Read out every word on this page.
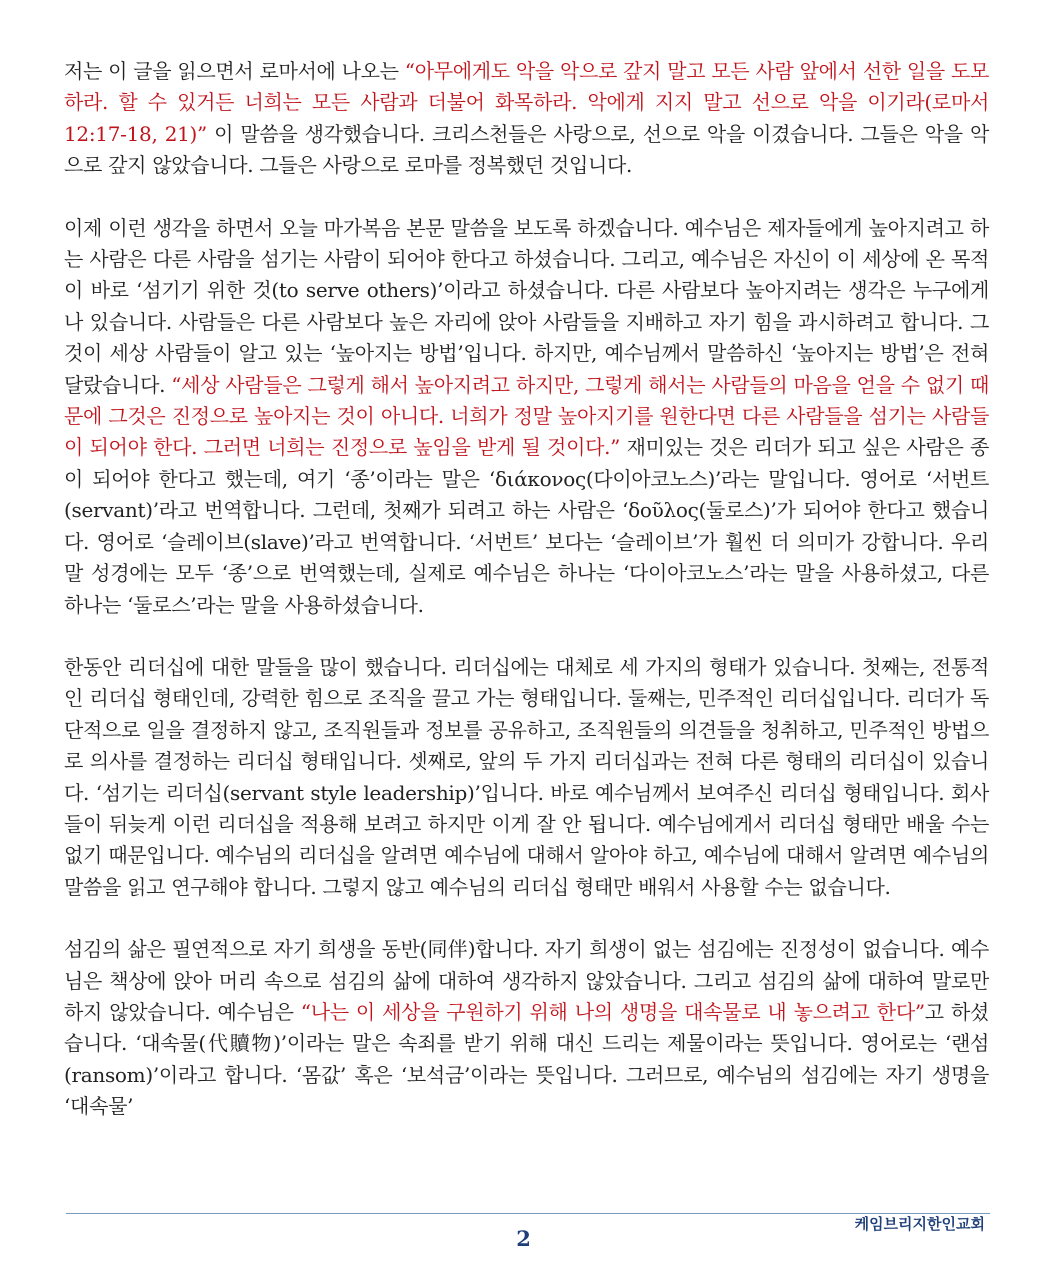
저는 이 글을 읽으면서 로마서에 나오는 “아무에게도 악을 악으로 갚지 말고 모든 사람 앞에서 선한 일을 도모하라. 할 수 있거든 너희는 모든 사람과 더불어 화목하라. 악에게 지지 말고 선으로 악을 이기라(로마서 12:17-18, 21)” 이 말씀을 생각했습니다. 크리스천들은 사랑으로, 선으로 악을 이겼습니다. 그들은 악을 악으로 갚지 않았습니다. 그들은 사랑으로 로마를 정복했던 것입니다.

이제 이런 생각을 하면서 오늘 마가복음 본문 말씀을 보도록 하겠습니다. 예수님은 제자들에게 높아지려고 하는 사람은 다른 사람을 섬기는 사람이 되어야 한다고 하셨습니다. 그리고, 예수님은 자신이 이 세상에 온 목적이 바로 ‘섬기기 위한 것(to serve others)’이라고 하셨습니다. 다른 사람보다 높아지려는 생각은 누구에게나 있습니다. 사람들은 다른 사람보다 높은 자리에 앉아 사람들을 지배하고 자기 힘을 과시하려고 합니다. 그것이 세상 사람들이 알고 있는 ‘높아지는 방법’입니다. 하지만, 예수님께서 말씀하신 ‘높아지는 방법’은 전혀 달랐습니다. “세상 사람들은 그렇게 해서 높아지려고 하지만, 그렇게 해서는 사람들의 마음을 얻을 수 없기 때문에 그것은 진정으로 높아지는 것이 아니다. 너희가 정말 높아지기를 원한다면 다른 사람들을 섬기는 사람들이 되어야 한다. 그러면 너희는 진정으로 높임을 받게 될 것이다.” 재미있는 것은 리더가 되고 싶은 사람은 종이 되어야 한다고 했는데, 여기 ‘종’이라는 말은 ‘διάκονος(다이아코노스)’라는 말입니다. 영어로 ‘서번트(servant)’라고 번역합니다. 그런데, 첫째가 되려고 하는 사람은 ‘δοῦλος(둘로스)’가 되어야 한다고 했습니다. 영어로 ‘슬레이브(slave)’라고 번역합니다. ‘서번트’ 보다는 ‘슬레이브’가 훨씬 더 의미가 강합니다. 우리말 성경에는 모두 ‘종’으로 번역했는데, 실제로 예수님은 하나는 ‘다이아코노스’라는 말을 사용하셨고, 다른 하나는 ‘둘로스’라는 말을 사용하셨습니다.

한동안 리더십에 대한 말들을 많이 했습니다. 리더십에는 대체로 세 가지의 형태가 있습니다. 첫째는, 전통적인 리더십 형태인데, 강력한 힘으로 조직을 끌고 가는 형태입니다. 둘째는, 민주적인 리더십입니다. 리더가 독단적으로 일을 결정하지 않고, 조직원들과 정보를 공유하고, 조직원들의 의견들을 청취하고, 민주적인 방법으로 의사를 결정하는 리더십 형태입니다. 셋째로, 앞의 두 가지 리더십과는 전혀 다른 형태의 리더십이 있습니다. ‘섬기는 리더십(servant style leadership)’입니다. 바로 예수님께서 보여주신 리더십 형태입니다. 회사들이 뒤늦게 이런 리더십을 적용해 보려고 하지만 이게 잘 안 됩니다. 예수님에게서 리더십 형태만 배울 수는 없기 때문입니다. 예수님의 리더십을 알려면 예수님에 대해서 알아야 하고, 예수님에 대해서 알려면 예수님의 말씀을 읽고 연구해야 합니다. 그렇지 않고 예수님의 리더십 형태만 배워서 사용할 수는 없습니다.

섬김의 삶은 필연적으로 자기 희생을 동반(同伴)합니다. 자기 희생이 없는 섬김에는 진정성이 없습니다. 예수님은 책상에 앉아 머리 속으로 섬김의 삶에 대하여 생각하지 않았습니다. 그리고 섬김의 삶에 대하여 말로만 하지 않았습니다. 예수님은 “나는 이 세상을 구원하기 위해 나의 생명을 대속물로 내 놓으려고 한다”고 하셨습니다. ‘대속물(代贖物)’이라는 말은 속죄를 받기 위해 대신 드리는 제물이라는 뜻입니다. 영어로는 ‘랜섬(ransom)’이라고 합니다. ‘몸값’ 혹은 ‘보석금’이라는 뜻입니다. 그러므로, 예수님의 섬김에는 자기 생명을 ‘대속물’

2
케임브리지한인교회
